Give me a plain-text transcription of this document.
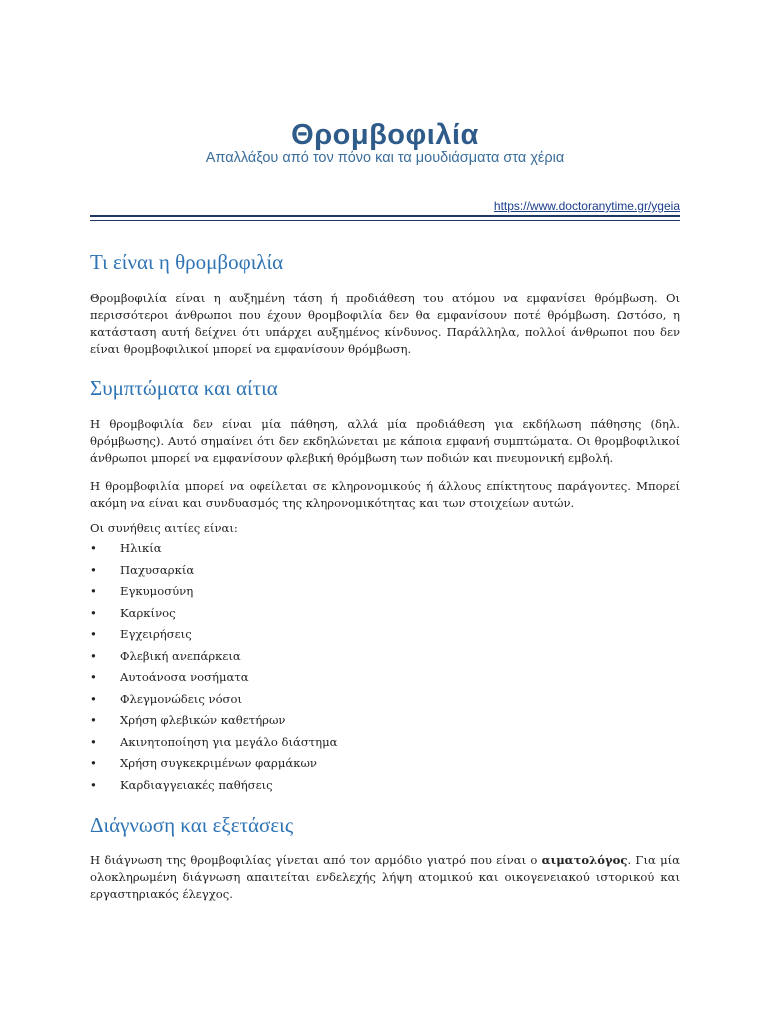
Θρομβοφιλία
Απαλλάξου από τον πόνο και τα μουδιάσματα στα χέρια
https://www.doctoranytime.gr/ygeia
Τι είναι η θρομβοφιλία

Θρομβοφιλία είναι η αυξημένη τάση ή προδιάθεση του ατόμου να εμφανίσει θρόμβωση. Οι περισσότεροι άνθρωποι που έχουν θρομβοφιλία δεν θα εμφανίσουν ποτέ θρόμβωση. Ωστόσο, η κατάσταση αυτή δείχνει ότι υπάρχει αυξημένος κίνδυνος. Παράλληλα, πολλοί άνθρωποι που δεν είναι θρομβοφιλικοί μπορεί να εμφανίσουν θρόμβωση.

Συμπτώματα και αίτια

Η θρομβοφιλία δεν είναι μία πάθηση, αλλά μία προδιάθεση για εκδήλωση πάθησης (δηλ. θρόμβωσης). Αυτό σημαίνει ότι δεν εκδηλώνεται με κάποια εμφανή συμπτώματα. Οι θρομβοφιλικοί άνθρωποι μπορεί να εμφανίσουν φλεβική θρόμβωση των ποδιών και πνευμονική εμβολή.

Η θρομβοφιλία μπορεί να οφείλεται σε κληρονομικούς ή άλλους επίκτητους παράγοντες. Μπορεί ακόμη να είναι και συνδυασμός της κληρονομικότητας και των στοιχείων αυτών.

Οι συνήθεις αιτίες είναι:

• Ηλικία
• Παχυσαρκία
• Εγκυμοσύνη
• Καρκίνος
• Εγχειρήσεις
• Φλεβική ανεπάρκεια
• Αυτοάνοσα νοσήματα
• Φλεγμονώδεις νόσοι
• Χρήση φλεβικών καθετήρων
• Ακινητοποίηση για μεγάλο διάστημα
• Χρήση συγκεκριμένων φαρμάκων
• Καρδιαγγειακές παθήσεις
Διάγνωση και εξετάσεις

Η διάγνωση της θρομβοφιλίας γίνεται από τον αρμόδιο γιατρό που είναι ο αιματολόγος. Για μία ολοκληρωμένη διάγνωση απαιτείται ενδελεχής λήψη ατομικού και οικογενειακού ιστορικού και εργαστηριακός έλεγχος.
